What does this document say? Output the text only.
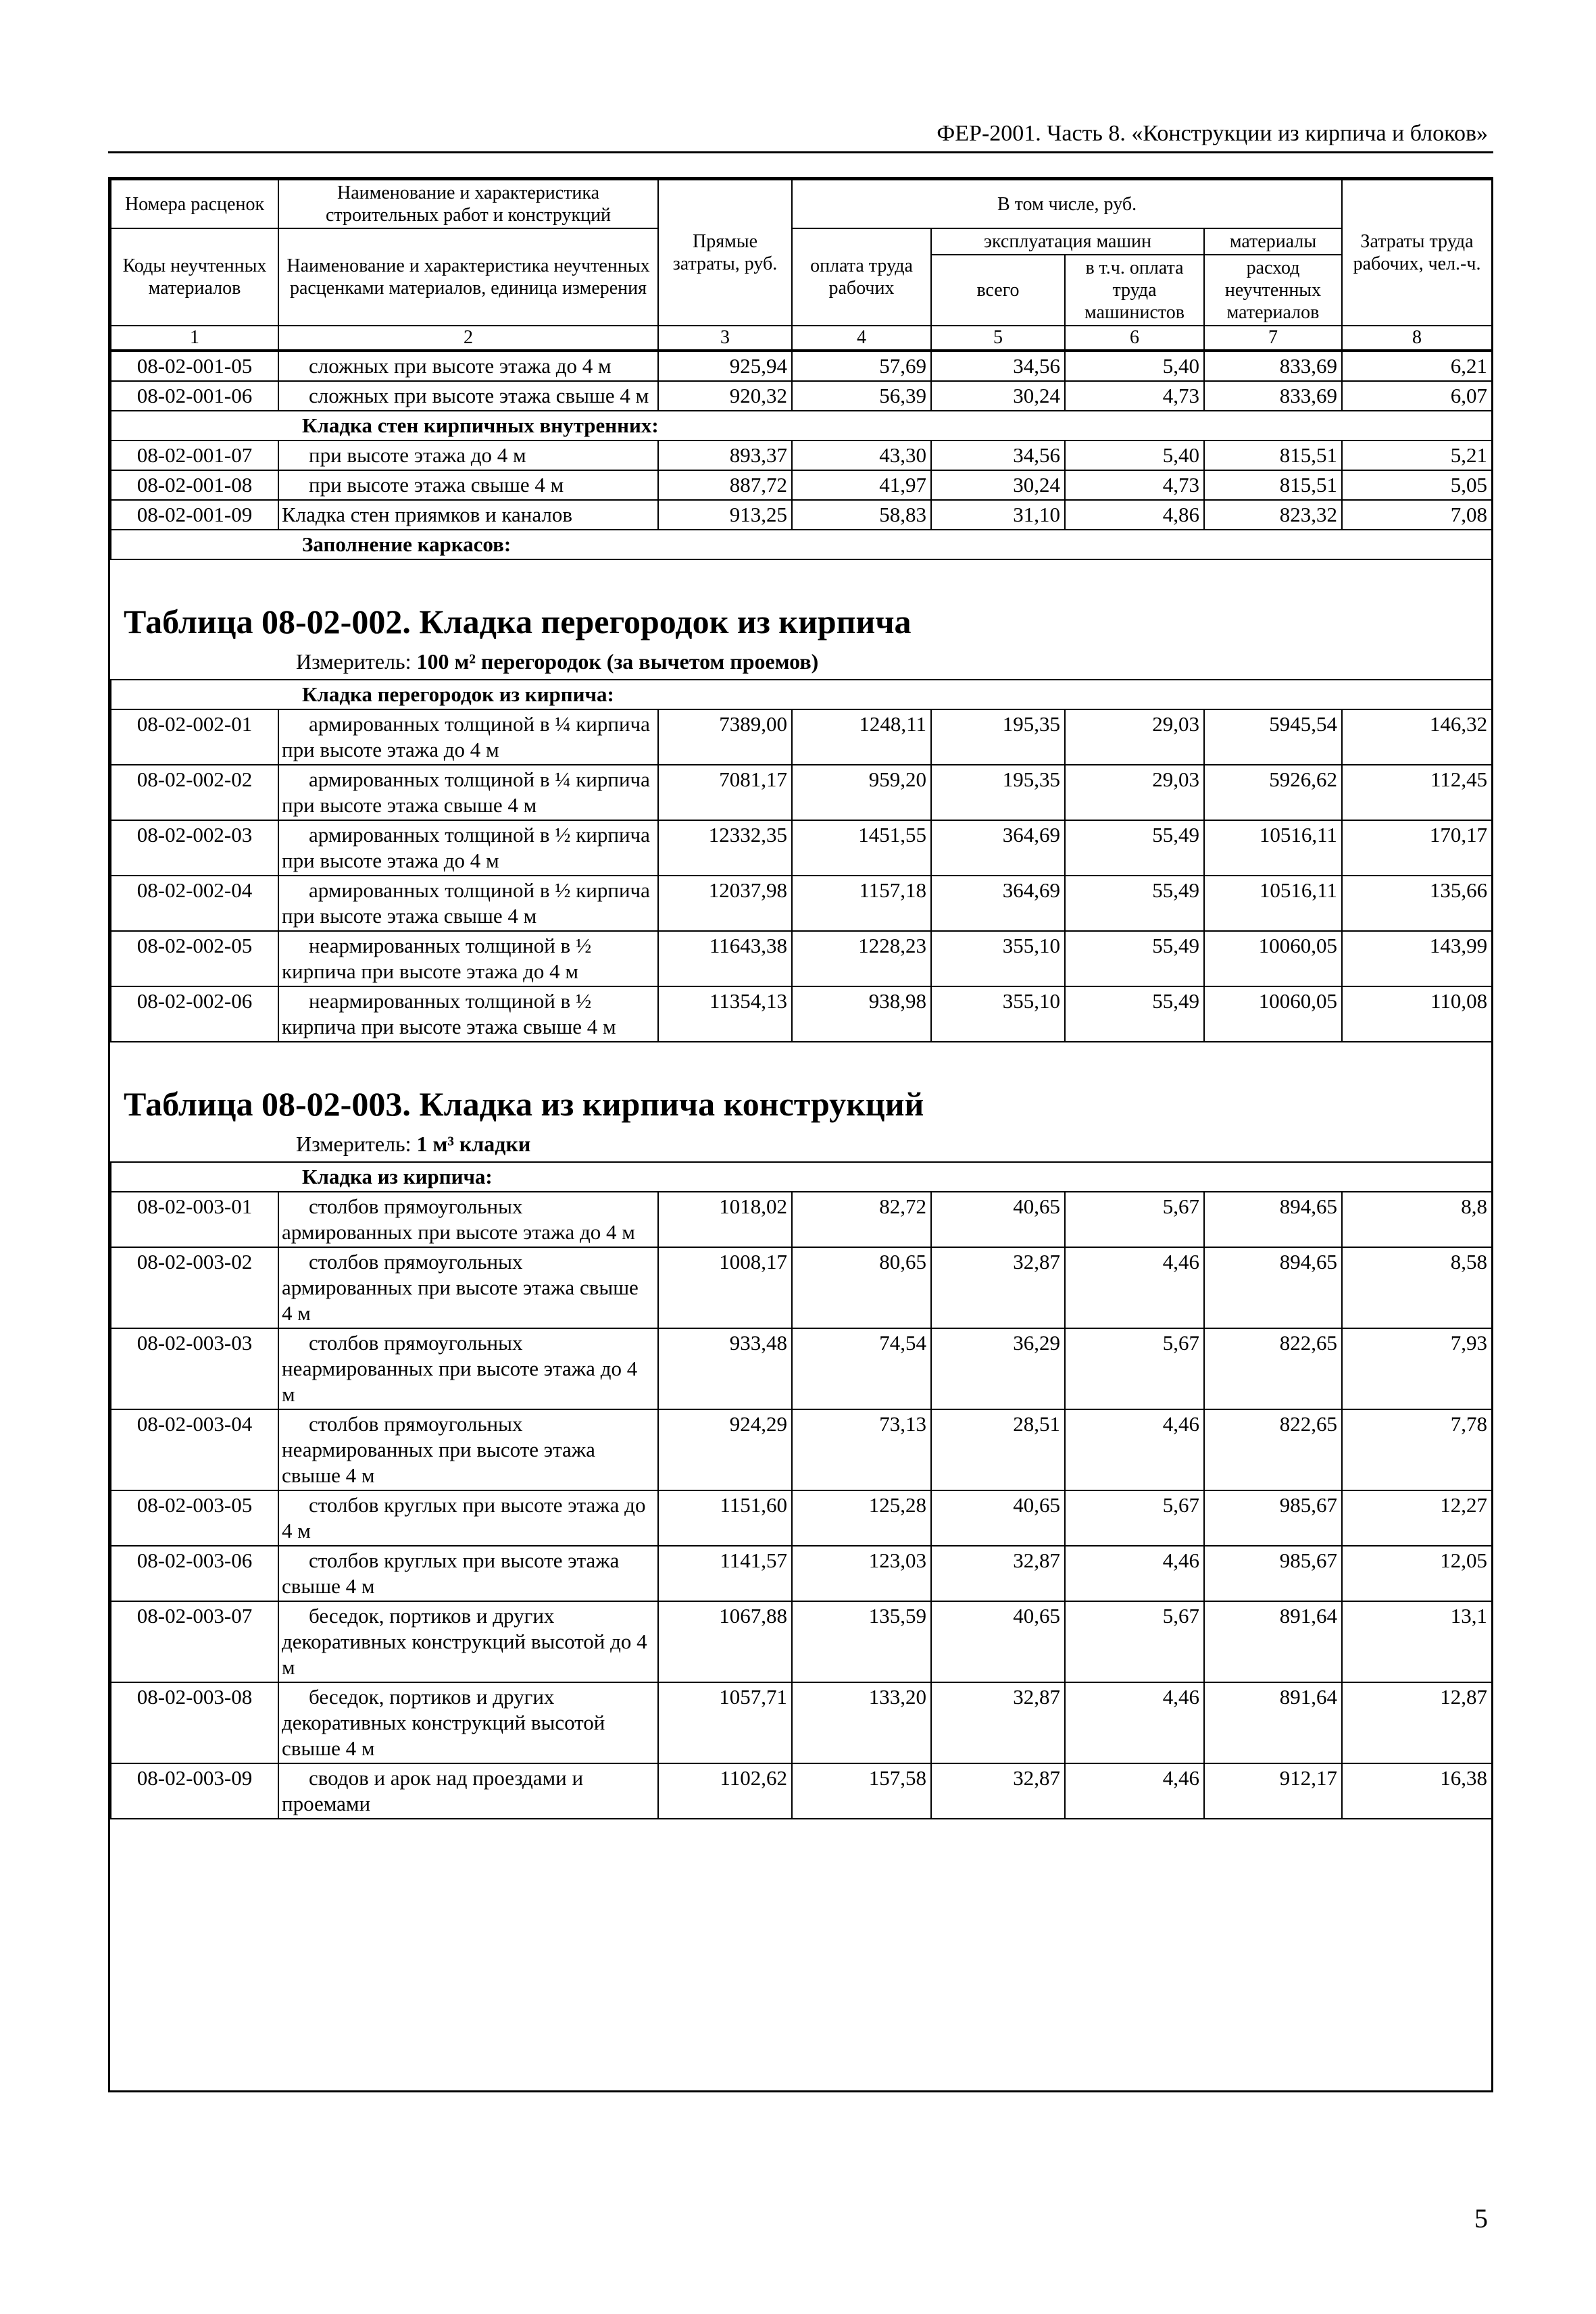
ФЕР-2001. Часть 8. «Конструкции из кирпича и блоков»
Номера расценок	Наименование и характеристика строительных работ и конструкций	Прямые затраты, руб.	В том числе, руб.				Затраты труда рабочих, чел.-ч.
Коды неучтенных материалов	Наименование и характеристика неучтенных расценками материалов, единица измерения		оплата труда рабочих	эксплуатация машин		материалы	
				всего	в т.ч. оплата труда машинистов	расход неучтенных материалов	

1	2	3	4	5	6	7	8
08-02-001-05	сложных при высоте этажа до 4 м	925,94	57,69	34,56	5,40	833,69	6,21
08-02-001-06	сложных при высоте этажа свыше 4 м	920,32	56,39	30,24	4,73	833,69	6,07
Кладка стен кирпичных внутренних:							
08-02-001-07	при высоте этажа до 4 м	893,37	43,30	34,56	5,40	815,51	5,21
08-02-001-08	при высоте этажа свыше 4 м	887,72	41,97	30,24	4,73	815,51	5,05
08-02-001-09	Кладка стен приямков и каналов	913,25	58,83	31,10	4,86	823,32	7,08
Заполнение каркасов:							
Таблица 08-02-002. Кладка перегородок из кирпича
Измеритель: 100 м² перегородок (за вычетом проемов)
Кладка перегородок из кирпича:							
08-02-002-01	армированных толщиной в ¼ кирпича при высоте этажа до 4 м	7389,00	1248,11	195,35	29,03	5945,54	146,32
08-02-002-02	армированных толщиной в ¼ кирпича при высоте этажа свыше 4 м	7081,17	959,20	195,35	29,03	5926,62	112,45
08-02-002-03	армированных толщиной в ½ кирпича при высоте этажа до 4 м	12332,35	1451,55	364,69	55,49	10516,11	170,17
08-02-002-04	армированных толщиной в ½ кирпича при высоте этажа свыше 4 м	12037,98	1157,18	364,69	55,49	10516,11	135,66
08-02-002-05	неармированных толщиной в ½ кирпича при высоте этажа до 4 м	11643,38	1228,23	355,10	55,49	10060,05	143,99
08-02-002-06	неармированных толщиной в ½ кирпича при высоте этажа свыше 4 м	11354,13	938,98	355,10	55,49	10060,05	110,08
Таблица 08-02-003. Кладка из кирпича конструкций
Измеритель: 1 м³ кладки
Кладка из кирпича:							
08-02-003-01	столбов прямоугольных армированных при высоте этажа до 4 м	1018,02	82,72	40,65	5,67	894,65	8,8
08-02-003-02	столбов прямоугольных армированных при высоте этажа свыше 4 м	1008,17	80,65	32,87	4,46	894,65	8,58
08-02-003-03	столбов прямоугольных неармированных при высоте этажа до 4 м	933,48	74,54	36,29	5,67	822,65	7,93
08-02-003-04	столбов прямоугольных неармированных при высоте этажа свыше 4 м	924,29	73,13	28,51	4,46	822,65	7,78
08-02-003-05	столбов круглых при высоте этажа до 4 м	1151,60	125,28	40,65	5,67	985,67	12,27
08-02-003-06	столбов круглых при высоте этажа свыше 4 м	1141,57	123,03	32,87	4,46	985,67	12,05
08-02-003-07	беседок, портиков и других декоративных конструкций высотой до 4 м	1067,88	135,59	40,65	5,67	891,64	13,1
08-02-003-08	беседок, портиков и других декоративных конструкций высотой свыше 4 м	1057,71	133,20	32,87	4,46	891,64	12,87
08-02-003-09	сводов и арок над проездами и проемами	1102,62	157,58	32,87	4,46	912,17	16,38
5
